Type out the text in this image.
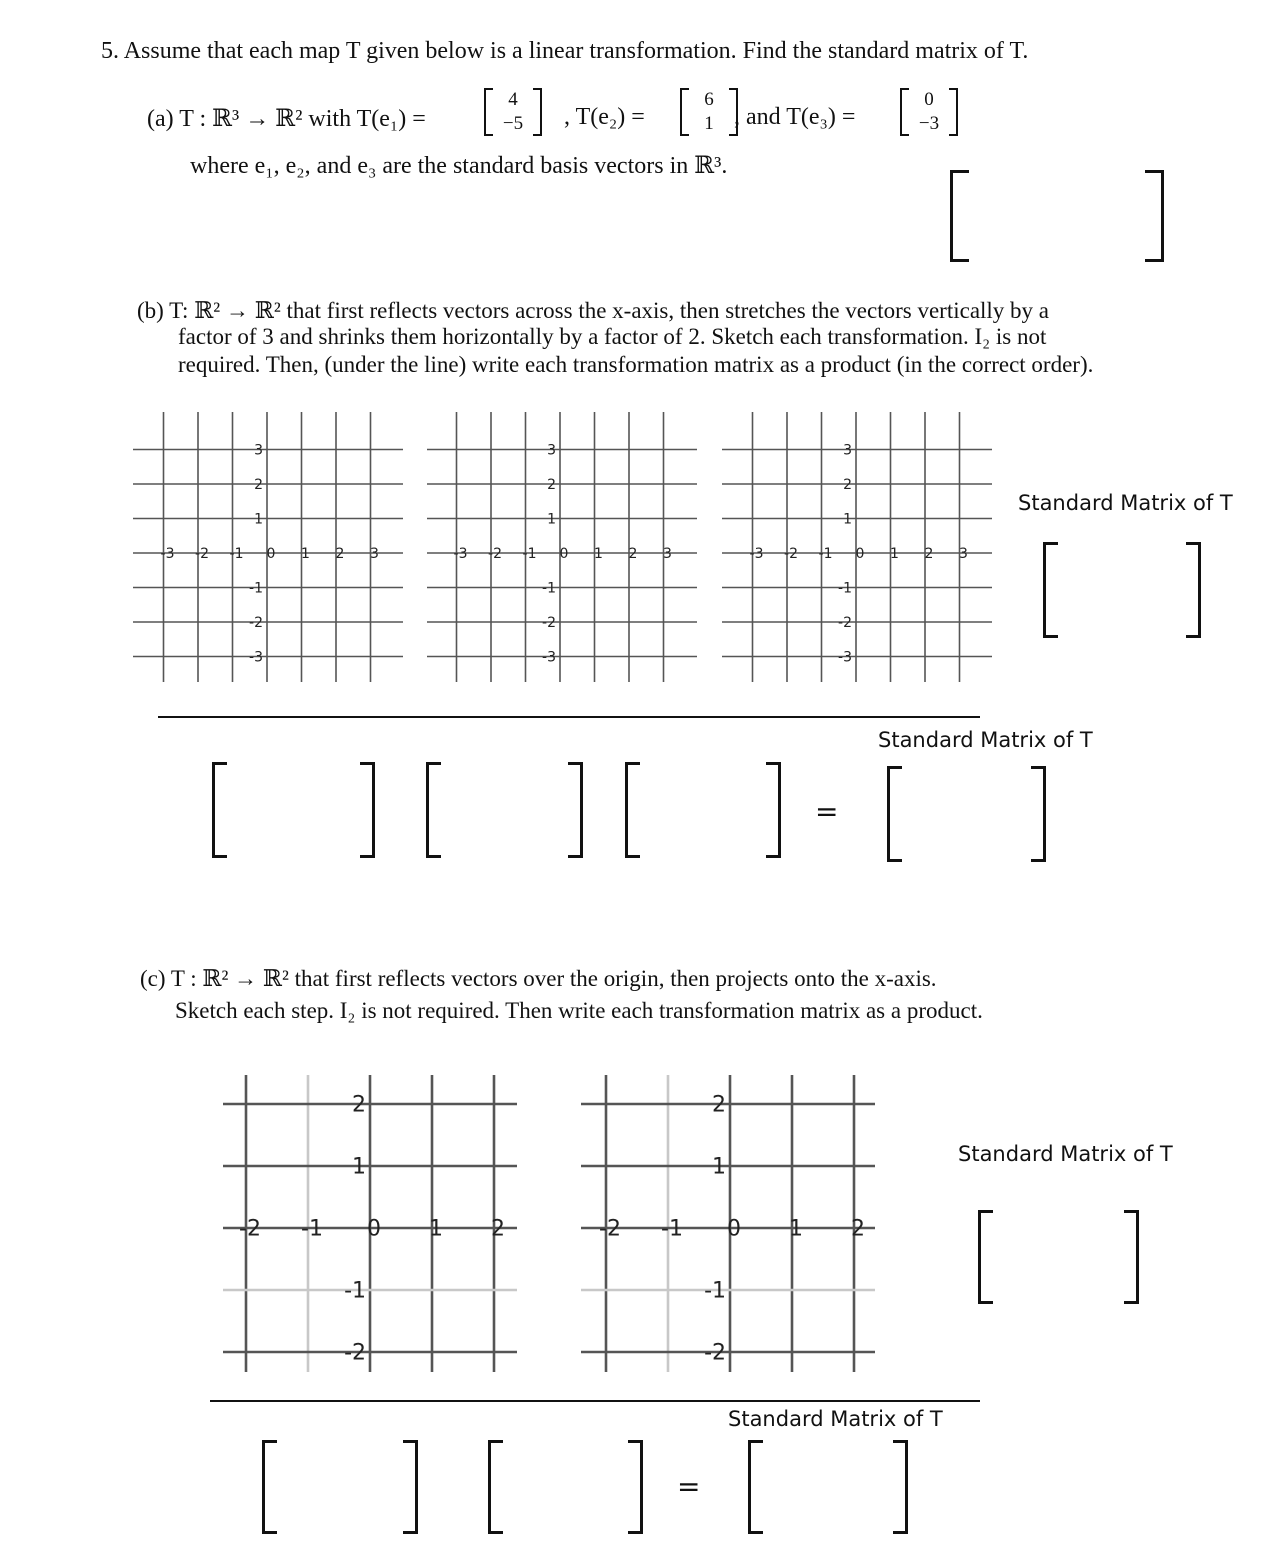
5. Assume that each map T given below is a linear transformation. Find the standard matrix of T.
(a) T : ℝ³ → ℝ² with T(e₁) =
4
−5 , T(e₂) =
6
1 , and T(e₃) =
0
−3
where e₁, e₂, and e₃ are the standard basis vectors in ℝ³.
(b) T: ℝ² → ℝ² that first reflects vectors across the x-axis, then stretches the vectors vertically by a
factor of 3 and shrinks them horizontally by a factor of 2. Sketch each transformation. I₂ is not
required. Then, (under the line) write each transformation matrix as a product (in the correct order).
-3 -2 -1 0 1 2 3
3
2
1
-1
-2
-3
-3 -2 -1 0 1 2 3
3
2
1
-1
-2
-3
-3 -2 -1 0 1 2 3
3
2
1
-1
-2
-3
-2 -1 0 1 2
2
1
-1
-2
-2 -1 0 1 2
2
1
-1
-2
Standard Matrix of T
Standard Matrix of T
=
(c) T : ℝ² → ℝ² that first reflects vectors over the origin, then projects onto the x-axis.
Sketch each step. I₂ is not required. Then write each transformation matrix as a product.
Standard Matrix of T
Standard Matrix of T
=
